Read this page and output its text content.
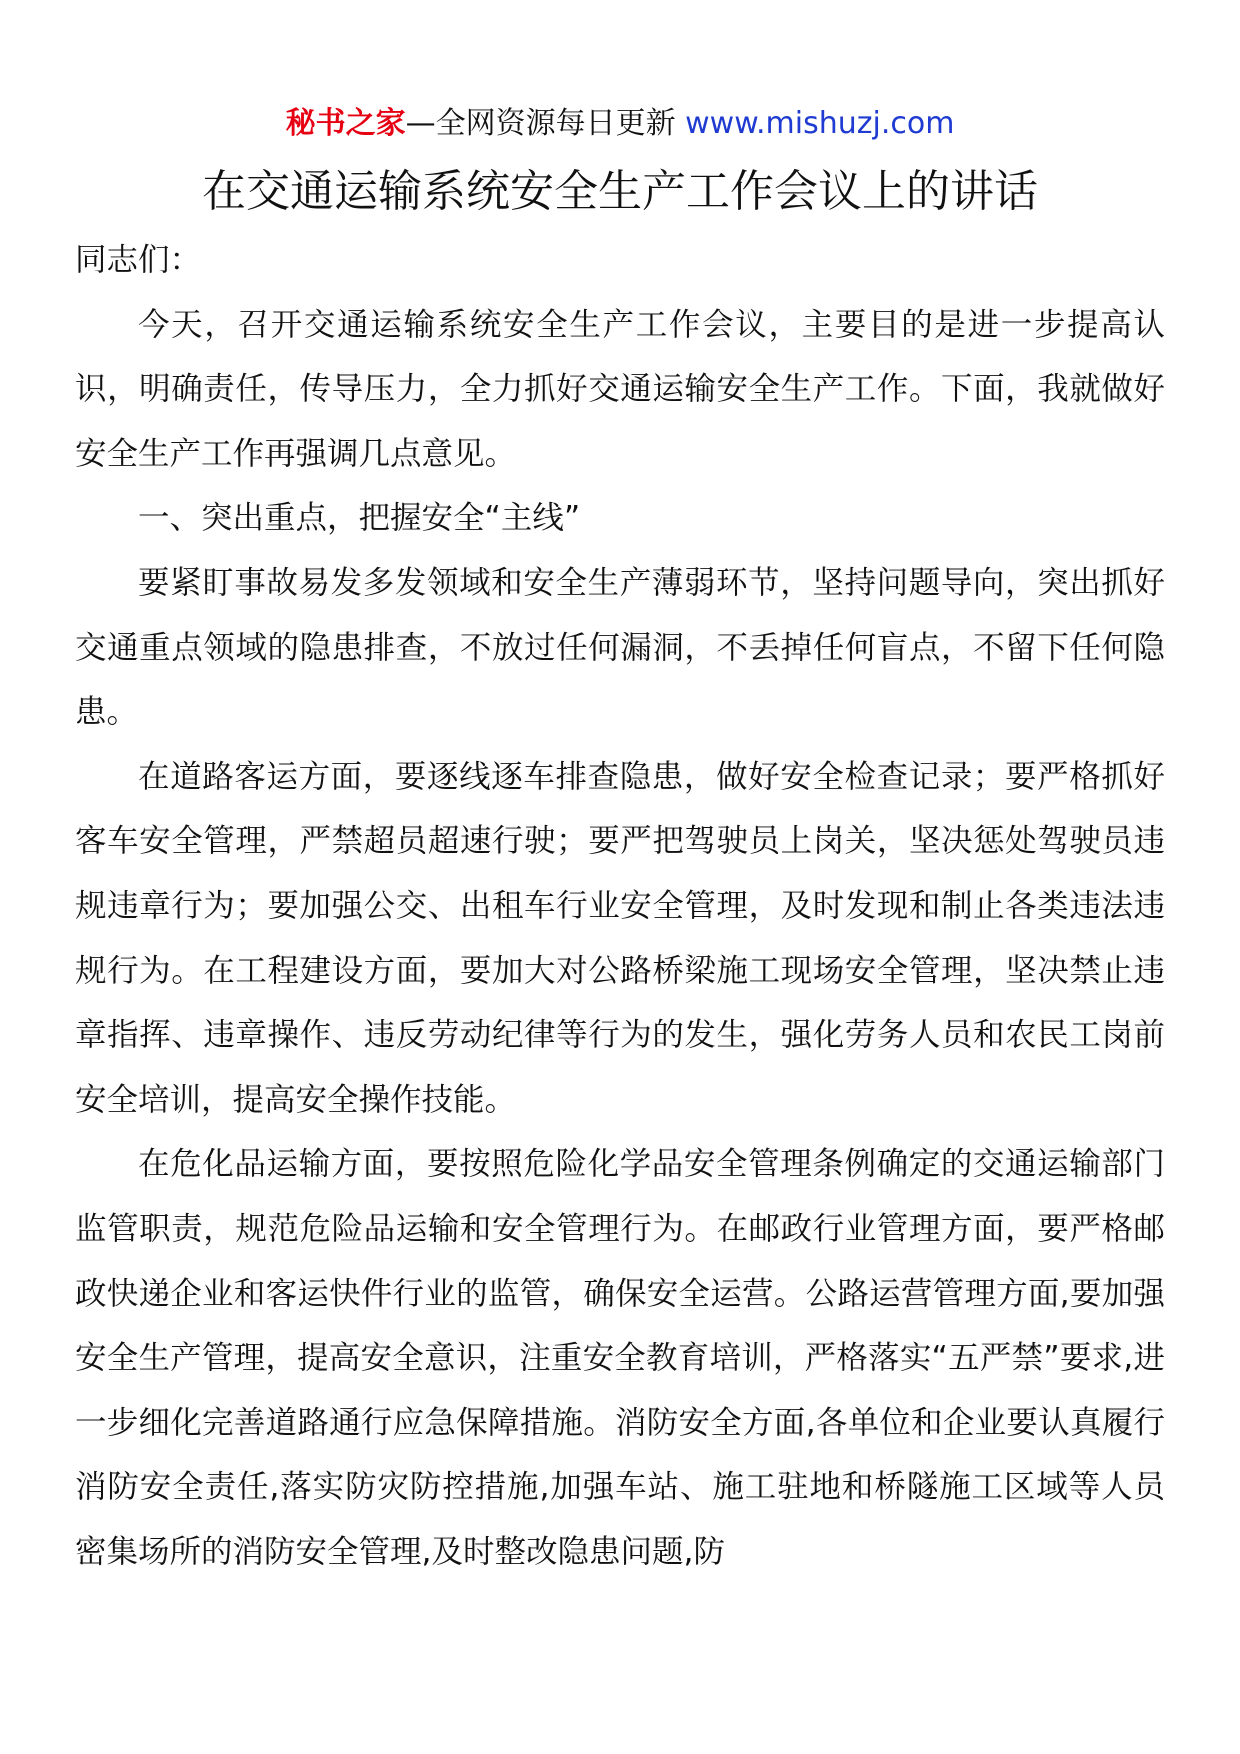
秘书之家—全网资源每日更新 www.mishuzj.com
在交通运输系统安全生产工作会议上的讲话

同志们：

今天，召开交通运输系统安全生产工作会议，主要目的是进一步提高认识，明确责任，传导压力，全力抓好交通运输安全生产工作。下面，我就做好安全生产工作再强调几点意见。

一、突出重点，把握安全“主线”

要紧盯事故易发多发领域和安全生产薄弱环节，坚持问题导向，突出抓好交通重点领域的隐患排查，不放过任何漏洞，不丢掉任何盲点，不留下任何隐患。

在道路客运方面，要逐线逐车排查隐患，做好安全检查记录；要严格抓好客车安全管理，严禁超员超速行驶；要严把驾驶员上岗关，坚决惩处驾驶员违规违章行为；要加强公交、出租车行业安全管理，及时发现和制止各类违法违规行为。在工程建设方面，要加大对公路桥梁施工现场安全管理，坚决禁止违章指挥、违章操作、违反劳动纪律等行为的发生，强化劳务人员和农民工岗前安全培训，提高安全操作技能。

在危化品运输方面，要按照危险化学品安全管理条例确定的交通运输部门监管职责，规范危险品运输和安全管理行为。在邮政行业管理方面，要严格邮政快递企业和客运快件行业的监管，确保安全运营。公路运营管理方面,要加强安全生产管理，提高安全意识，注重安全教育培训，严格落实“五严禁”要求,进一步细化完善道路通行应急保障措施。消防安全方面,各单位和企业要认真履行消防安全责任,落实防灾防控措施,加强车站、施工驻地和桥隧施工区域等人员密集场所的消防安全管理,及时整改隐患问题,防
